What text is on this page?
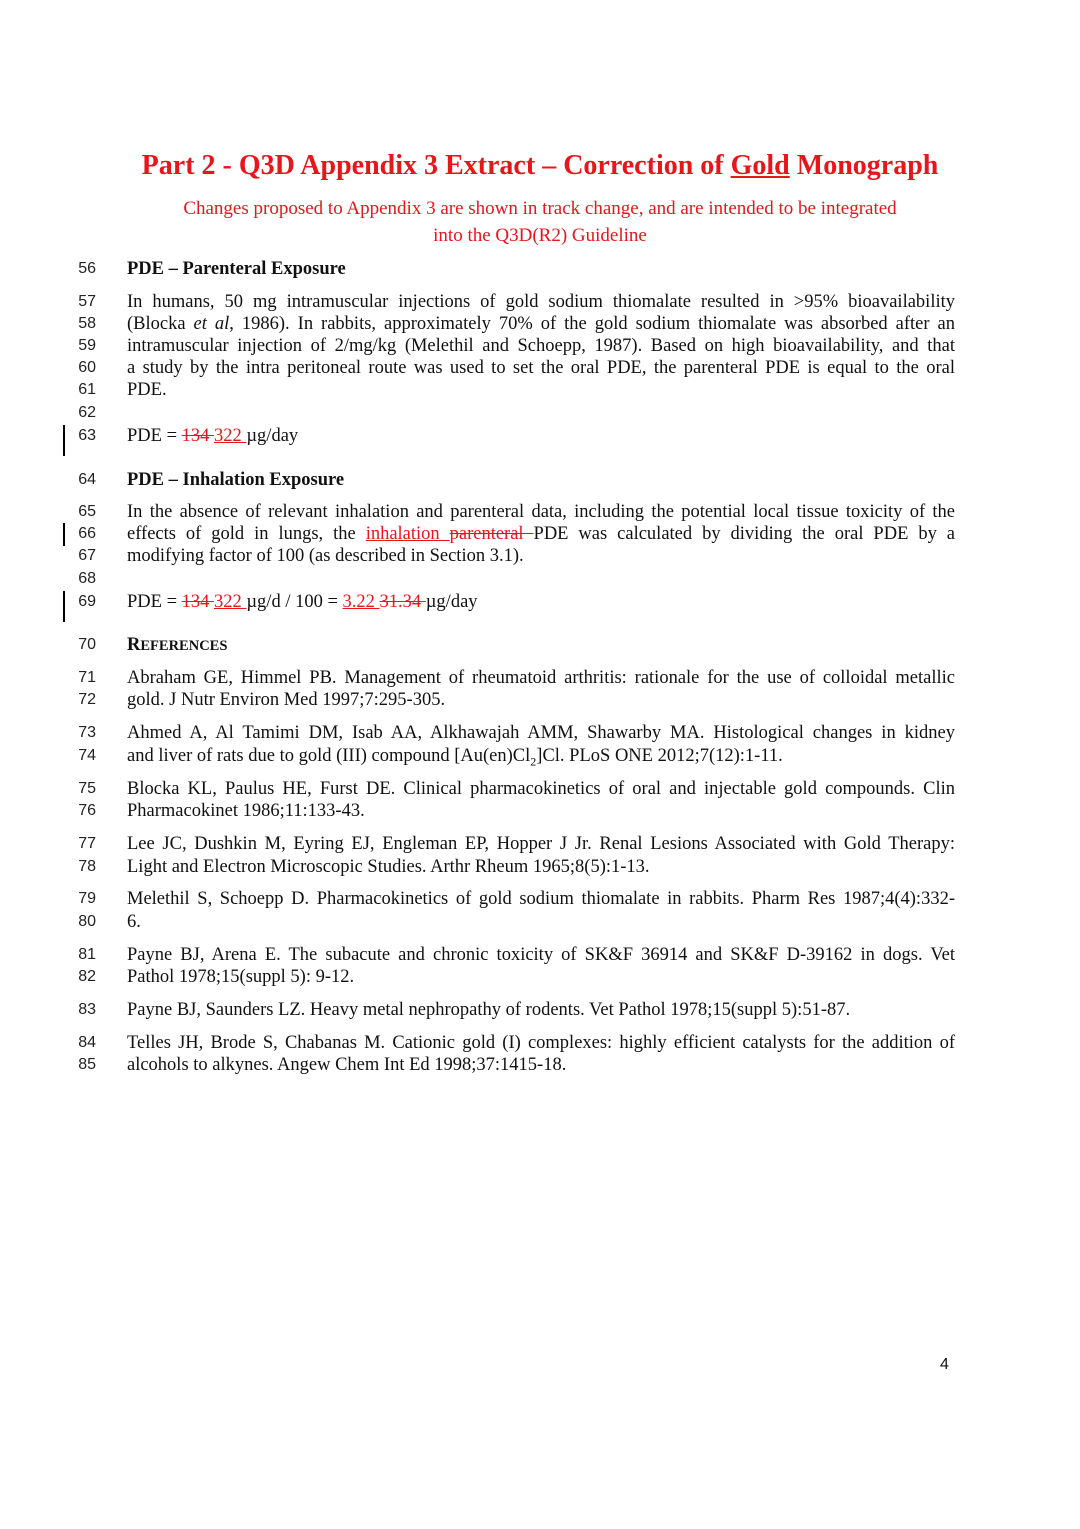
Part 2 - Q3D Appendix 3 Extract – Correction of Gold Monograph
Changes proposed to Appendix 3 are shown in track change, and are intended to be integrated
into the Q3D(R2) Guideline
56
57
58
59
60
61
62
63
64
65
66
67
68
69
70
71
72
73
74
75
76
77
78
79
80
81
82
83
84
85
PDE – Parenteral Exposure
In humans, 50 mg intramuscular injections of gold sodium thiomalate resulted in >95% bioavailability
(Blocka et al, 1986). In rabbits, approximately 70% of the gold sodium thiomalate was absorbed after an
intramuscular injection of 2/mg/kg (Melethil and Schoepp, 1987). Based on high bioavailability, and that
a study by the intra peritoneal route was used to set the oral PDE, the parenteral PDE is equal to the oral
PDE.
PDE = 134 322 µg/day
PDE – Inhalation Exposure
In the absence of relevant inhalation and parenteral data, including the potential local tissue toxicity of the
effects of gold in lungs, the inhalation parenteral PDE was calculated by dividing the oral PDE by a
modifying factor of 100 (as described in Section 3.1).
PDE = 134 322 µg/d / 100 = 3.22 31.34 µg/day
REFERENCES
Abraham GE, Himmel PB. Management of rheumatoid arthritis: rationale for the use of colloidal metallic
gold. J Nutr Environ Med 1997;7:295-305.
Ahmed A, Al Tamimi DM, Isab AA, Alkhawajah AMM, Shawarby MA. Histological changes in kidney
and liver of rats due to gold (III) compound $[Au(en)Cl_2]Cl$. PLoS ONE 2012;7(12):1-11.
Blocka KL, Paulus HE, Furst DE. Clinical pharmacokinetics of oral and injectable gold compounds. Clin
Pharmacokinet 1986;11:133-43.
Lee JC, Dushkin M, Eyring EJ, Engleman EP, Hopper J Jr. Renal Lesions Associated with Gold Therapy:
Light and Electron Microscopic Studies. Arthr Rheum 1965;8(5):1-13.
Melethil S, Schoepp D. Pharmacokinetics of gold sodium thiomalate in rabbits. Pharm Res 1987;4(4):332-
6.
Payne BJ, Arena E. The subacute and chronic toxicity of SK&F 36914 and SK&F D-39162 in dogs. Vet
Pathol 1978;15(suppl 5): 9-12.
Payne BJ, Saunders LZ. Heavy metal nephropathy of rodents. Vet Pathol 1978;15(suppl 5):51-87.
Telles JH, Brode S, Chabanas M. Cationic gold (I) complexes: highly efficient catalysts for the addition of
alcohols to alkynes. Angew Chem Int Ed 1998;37:1415-18.
4
